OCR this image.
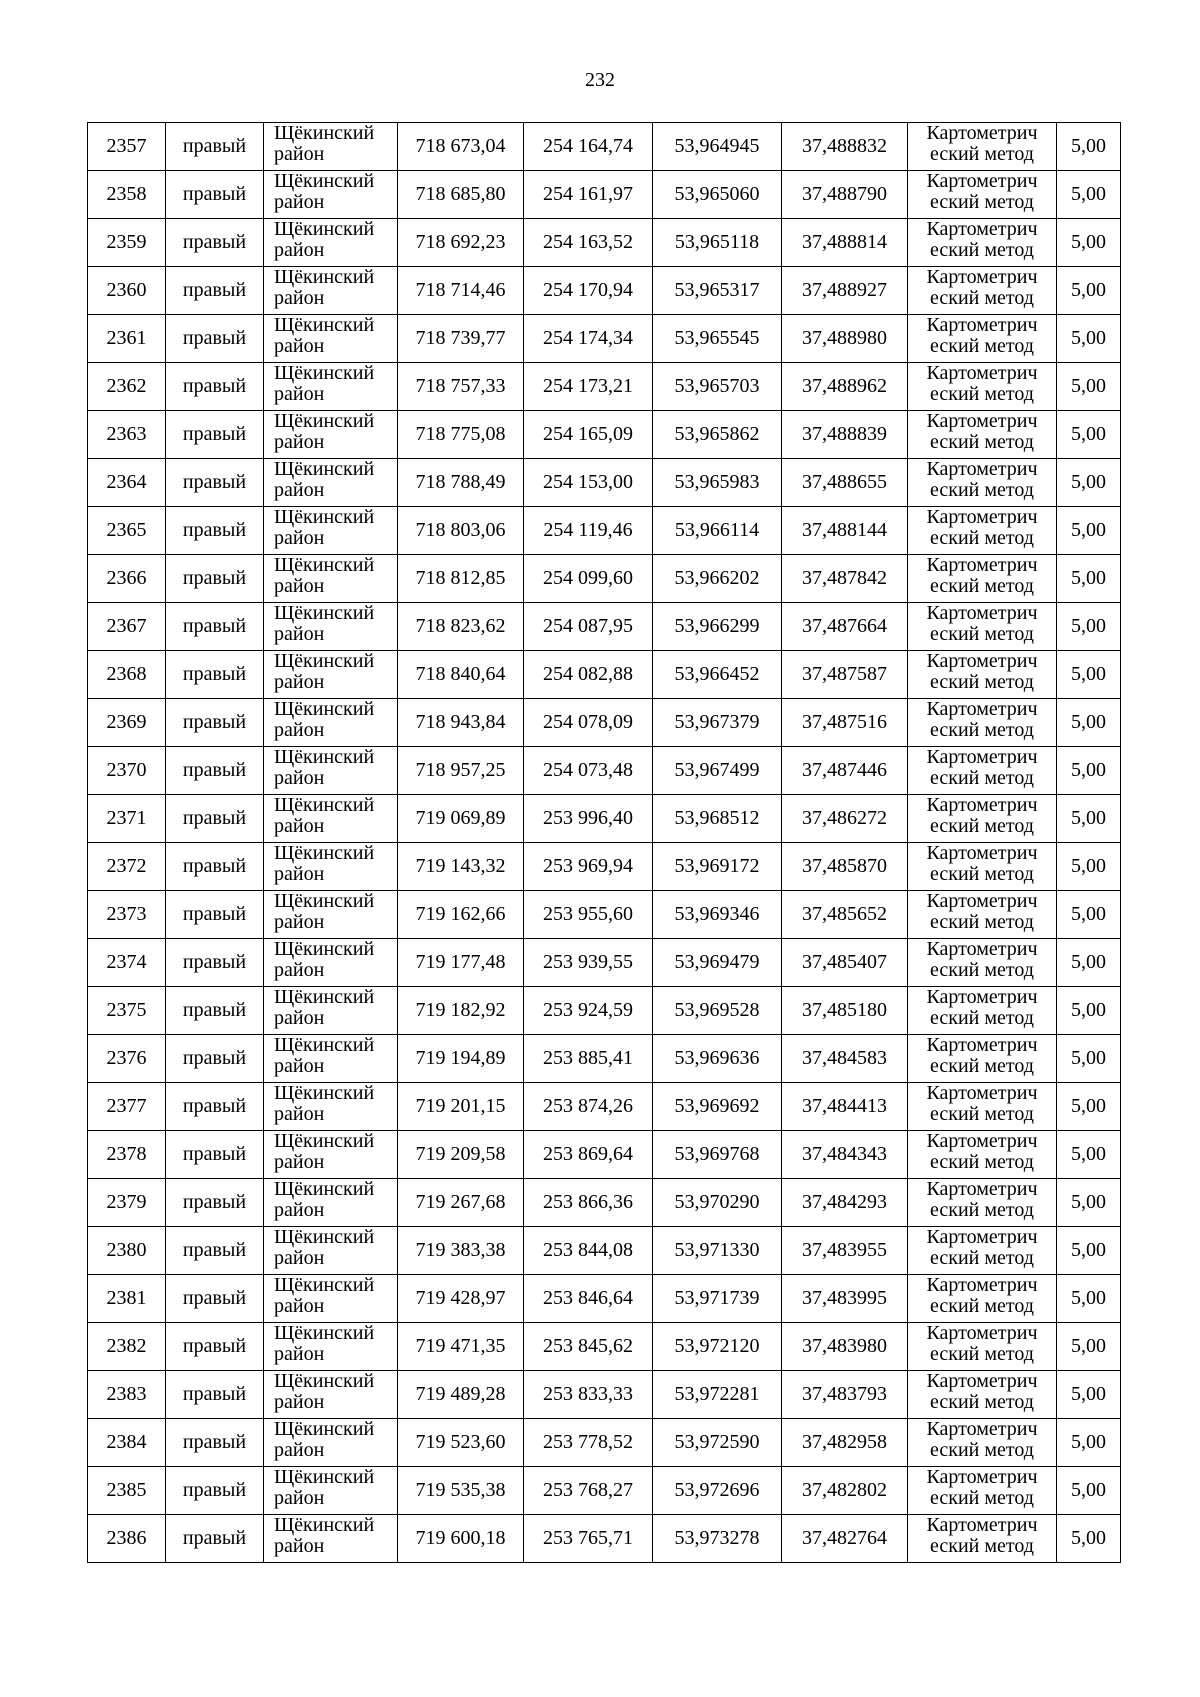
232
2357	правый	Щёкинский
район	718 673,04	254 164,74	53,964945	37,488832	Картометрич
еский метод	5,00
2358	правый	Щёкинский
район	718 685,80	254 161,97	53,965060	37,488790	Картометрич
еский метод	5,00
2359	правый	Щёкинский
район	718 692,23	254 163,52	53,965118	37,488814	Картометрич
еский метод	5,00
2360	правый	Щёкинский
район	718 714,46	254 170,94	53,965317	37,488927	Картометрич
еский метод	5,00
2361	правый	Щёкинский
район	718 739,77	254 174,34	53,965545	37,488980	Картометрич
еский метод	5,00
2362	правый	Щёкинский
район	718 757,33	254 173,21	53,965703	37,488962	Картометрич
еский метод	5,00
2363	правый	Щёкинский
район	718 775,08	254 165,09	53,965862	37,488839	Картометрич
еский метод	5,00
2364	правый	Щёкинский
район	718 788,49	254 153,00	53,965983	37,488655	Картометрич
еский метод	5,00
2365	правый	Щёкинский
район	718 803,06	254 119,46	53,966114	37,488144	Картометрич
еский метод	5,00
2366	правый	Щёкинский
район	718 812,85	254 099,60	53,966202	37,487842	Картометрич
еский метод	5,00
2367	правый	Щёкинский
район	718 823,62	254 087,95	53,966299	37,487664	Картометрич
еский метод	5,00
2368	правый	Щёкинский
район	718 840,64	254 082,88	53,966452	37,487587	Картометрич
еский метод	5,00
2369	правый	Щёкинский
район	718 943,84	254 078,09	53,967379	37,487516	Картометрич
еский метод	5,00
2370	правый	Щёкинский
район	718 957,25	254 073,48	53,967499	37,487446	Картометрич
еский метод	5,00
2371	правый	Щёкинский
район	719 069,89	253 996,40	53,968512	37,486272	Картометрич
еский метод	5,00
2372	правый	Щёкинский
район	719 143,32	253 969,94	53,969172	37,485870	Картометрич
еский метод	5,00
2373	правый	Щёкинский
район	719 162,66	253 955,60	53,969346	37,485652	Картометрич
еский метод	5,00
2374	правый	Щёкинский
район	719 177,48	253 939,55	53,969479	37,485407	Картометрич
еский метод	5,00
2375	правый	Щёкинский
район	719 182,92	253 924,59	53,969528	37,485180	Картометрич
еский метод	5,00
2376	правый	Щёкинский
район	719 194,89	253 885,41	53,969636	37,484583	Картометрич
еский метод	5,00
2377	правый	Щёкинский
район	719 201,15	253 874,26	53,969692	37,484413	Картометрич
еский метод	5,00
2378	правый	Щёкинский
район	719 209,58	253 869,64	53,969768	37,484343	Картометрич
еский метод	5,00
2379	правый	Щёкинский
район	719 267,68	253 866,36	53,970290	37,484293	Картометрич
еский метод	5,00
2380	правый	Щёкинский
район	719 383,38	253 844,08	53,971330	37,483955	Картометрич
еский метод	5,00
2381	правый	Щёкинский
район	719 428,97	253 846,64	53,971739	37,483995	Картометрич
еский метод	5,00
2382	правый	Щёкинский
район	719 471,35	253 845,62	53,972120	37,483980	Картометрич
еский метод	5,00
2383	правый	Щёкинский
район	719 489,28	253 833,33	53,972281	37,483793	Картометрич
еский метод	5,00
2384	правый	Щёкинский
район	719 523,60	253 778,52	53,972590	37,482958	Картометрич
еский метод	5,00
2385	правый	Щёкинский
район	719 535,38	253 768,27	53,972696	37,482802	Картометрич
еский метод	5,00
2386	правый	Щёкинский
район	719 600,18	253 765,71	53,973278	37,482764	Картометрич
еский метод	5,00
